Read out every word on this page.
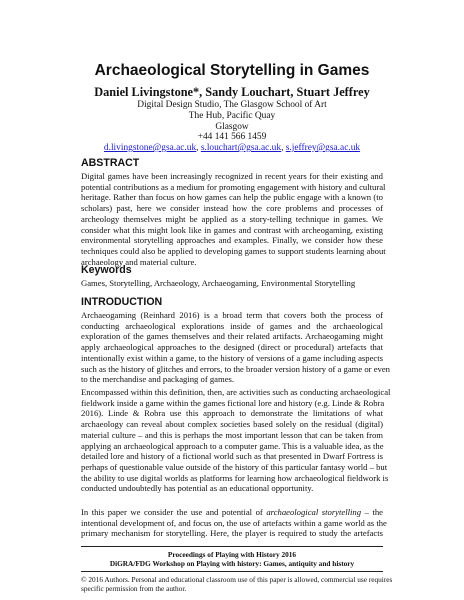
Archaeological Storytelling in Games
Daniel Livingstone*, Sandy Louchart, Stuart Jeffrey
Digital Design Studio, The Glasgow School of Art
The Hub, Pacific Quay
Glasgow
+44 141 566 1459
d.livingstone@gsa.ac.uk, s.louchart@gsa.ac.uk, s.jeffrey@gsa.ac.uk
ABSTRACT
Digital games have been increasingly recognized in recent years for their existing and
potential contributions as a medium for promoting engagement with history and cultural
heritage. Rather than focus on how games can help the public engage with a known (to
scholars) past, here we consider instead how the core problems and processes of
archeology themselves might be applied as a story-telling technique in games. We
consider what this might look like in games and contrast with archeogaming, existing
environmental storytelling approaches and examples. Finally, we consider how these
techniques could also be applied to developing games to support students learning about
archaeology and material culture.
Keywords
Games, Storytelling, Archaeology, Archaeogaming, Environmental Storytelling
INTRODUCTION
Archaeogaming (Reinhard 2016) is a broad term that covers both the process of
conducting archaeological explorations inside of games and the archaeological
exploration of the games themselves and their related artifacts. Archaeogaming might
apply archaeological approaches to the designed (direct or procedural) artefacts that
intentionally exist within a game, to the history of versions of a game including aspects
such as the history of glitches and errors, to the broader version history of a game or even
to the merchandise and packaging of games.
Encompassed within this definition, then, are activities such as conducting archaeological
fieldwork inside a game within the games fictional lore and history (e.g. Linde & Robra
2016). Linde & Robra use this approach to demonstrate the limitations of what
archaeology can reveal about complex societies based solely on the residual (digital)
material culture – and this is perhaps the most important lesson that can be taken from
applying an archaeological approach to a computer game. This is a valuable idea, as the
detailed lore and history of a fictional world such as that presented in Dwarf Fortress is
perhaps of questionable value outside of the history of this particular fantasy world – but
the ability to use digital worlds as platforms for learning how archaeological fieldwork is
conducted undoubtedly has potential as an educational opportunity.
In this paper we consider the use and potential of archaeological storytelling – the
intentional development of, and focus on, the use of artefacts within a game world as the
primary mechanism for storytelling. Here, the player is required to study the artefacts
Proceedings of Playing with History 2016
DiGRA/FDG Workshop on Playing with history: Games, antiquity and history
© 2016 Authors. Personal and educational classroom use of this paper is allowed, commercial use requires
specific permission from the author.
